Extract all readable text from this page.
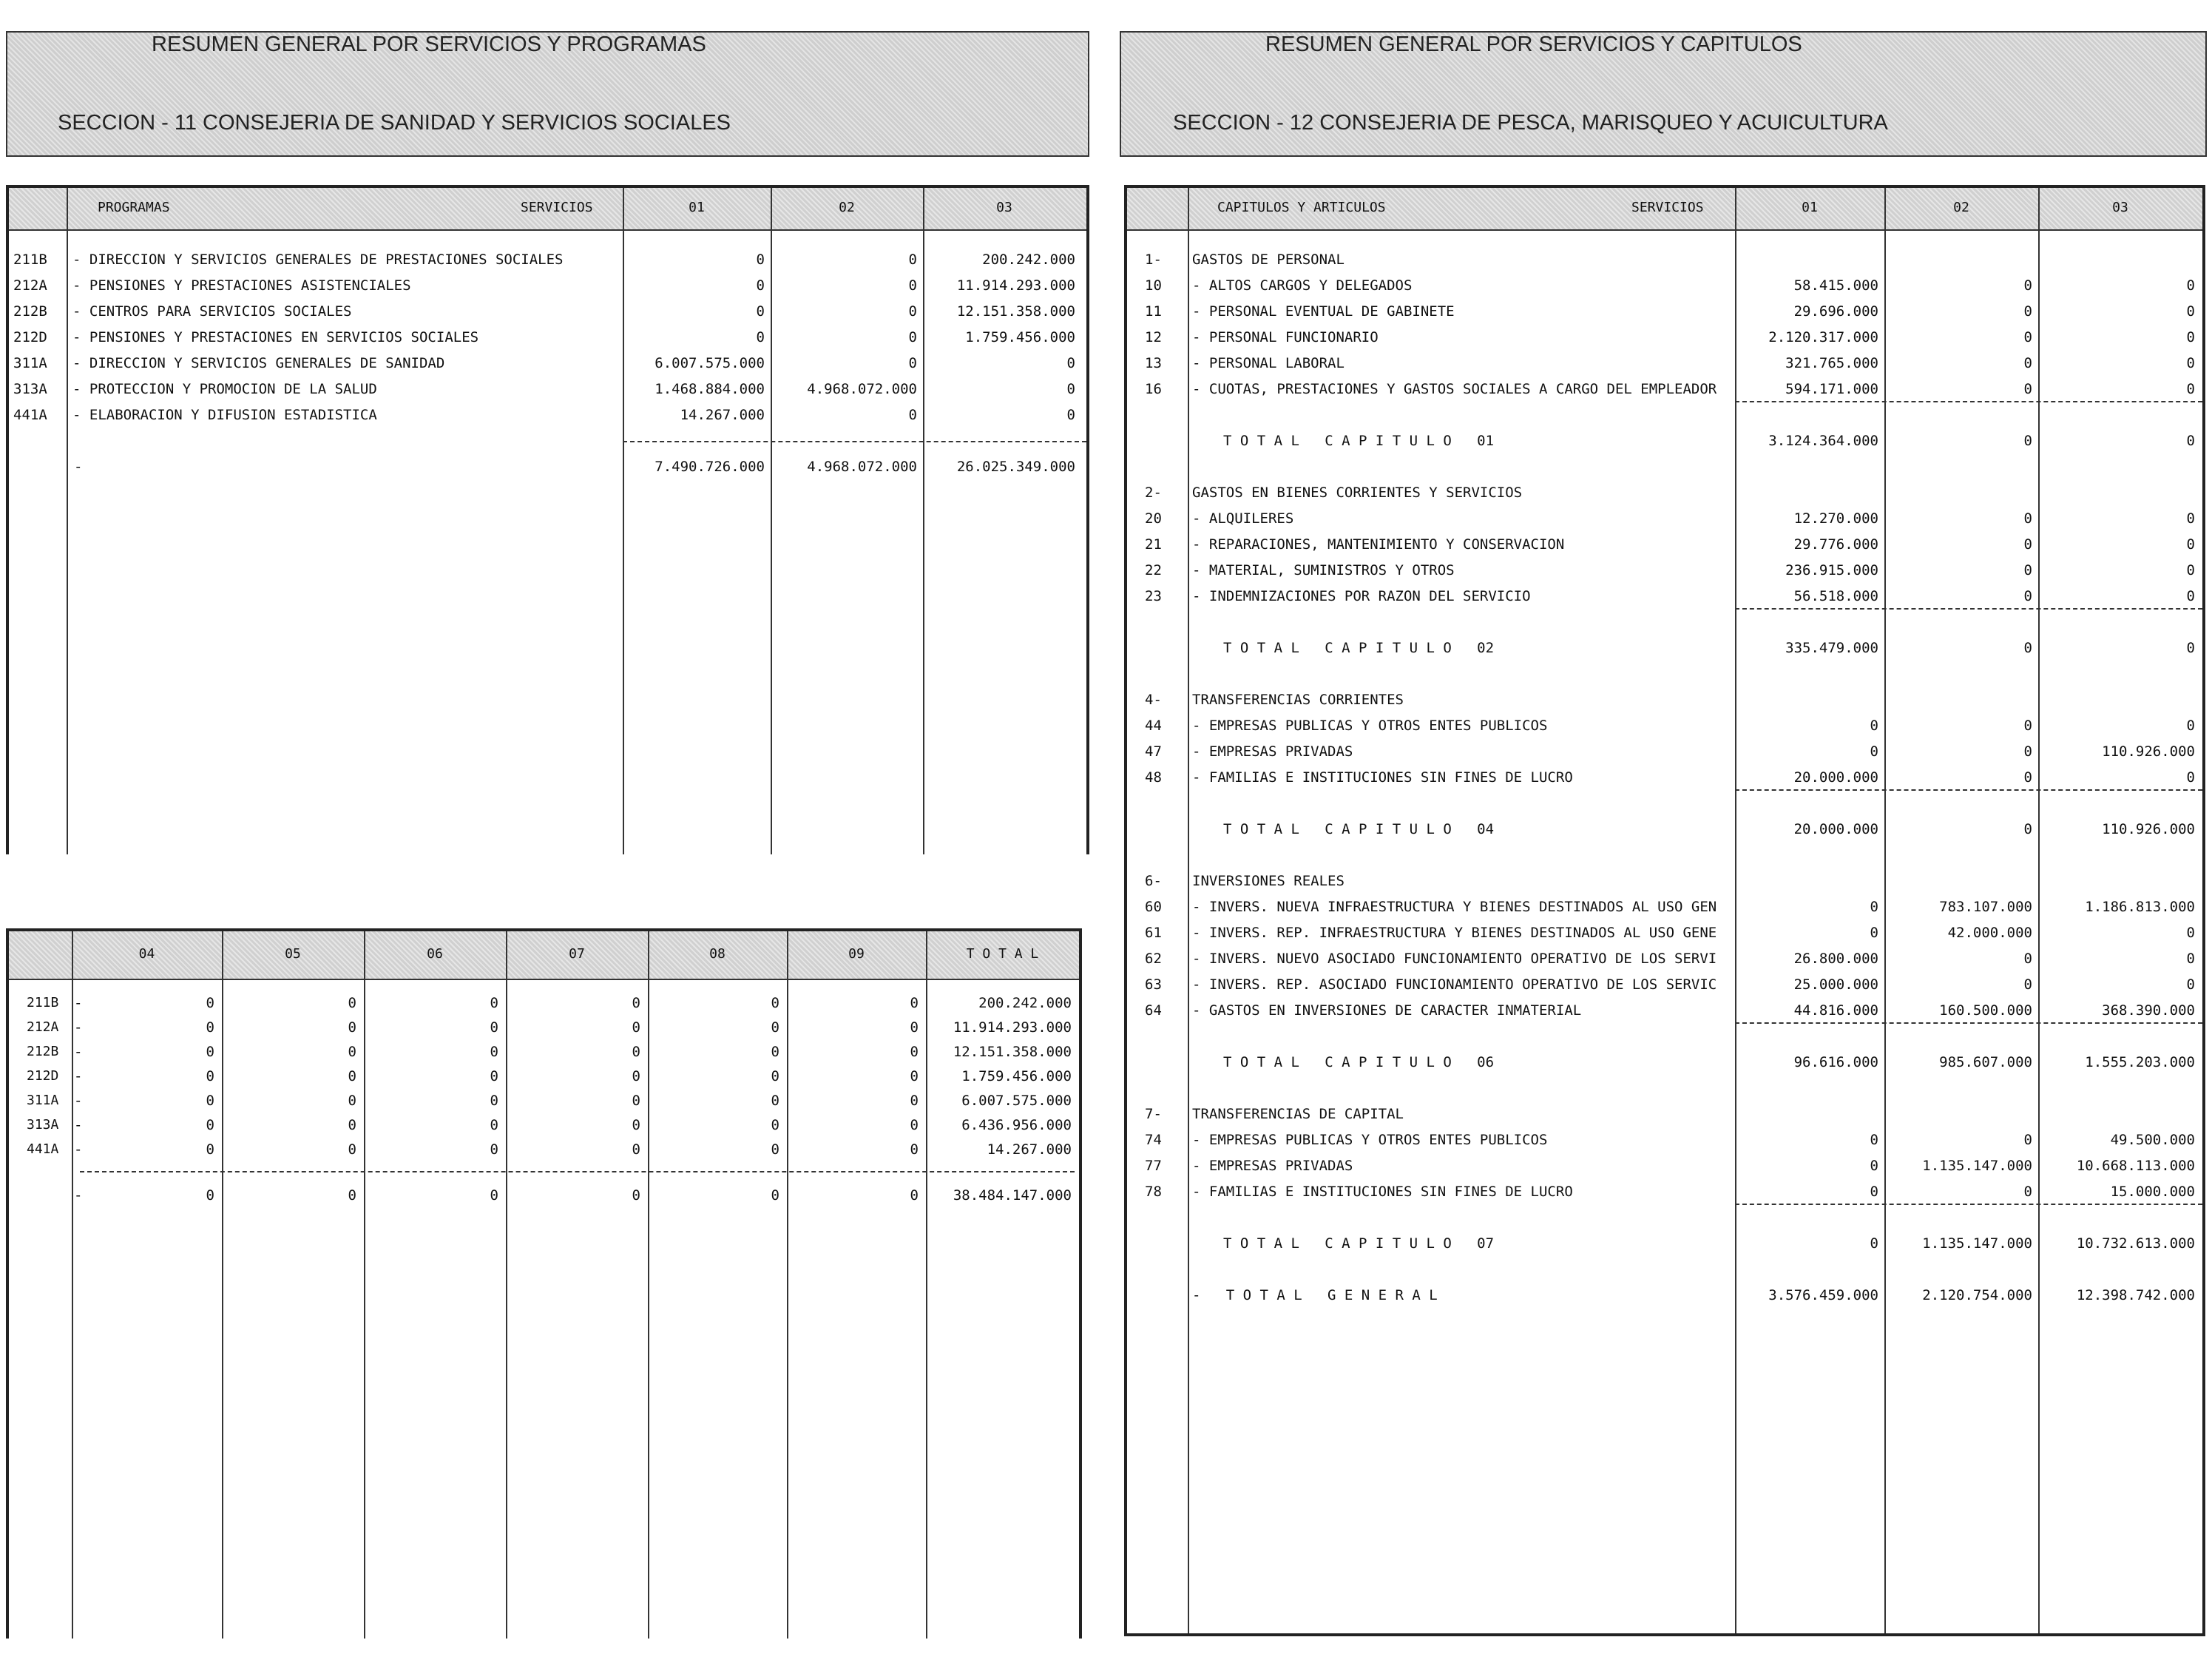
RESUMEN GENERAL POR SERVICIOS Y PROGRAMAS
SECCION - 11 CONSEJERIA DE SANIDAD Y SERVICIOS SOCIALES
RESUMEN GENERAL POR SERVICIOS Y CAPITULOS
SECCION - 12 CONSEJERIA DE PESCA, MARISQUEO Y ACUICULTURA
PROGRAMAS	SERVICIOS	01	02	03
211B - DIRECCION Y SERVICIOS GENERALES DE PRESTACIONES SOCIALES	0	0	200.242.000
212A - PENSIONES Y PRESTACIONES ASISTENCIALES	0	0	11.914.293.000
212B - CENTROS PARA SERVICIOS SOCIALES	0	0	12.151.358.000
212D - PENSIONES Y PRESTACIONES EN SERVICIOS SOCIALES	0	0	1.759.456.000
311A - DIRECCION Y SERVICIOS GENERALES DE SANIDAD	6.007.575.000	0	0
313A - PROTECCION Y PROMOCION DE LA SALUD	1.468.884.000	4.968.072.000	0
441A - ELABORACION Y DIFUSION ESTADISTICA	14.267.000	0	0
-	7.490.726.000	4.968.072.000	26.025.349.000
04	05	06	07	08	09	T O T A L
211B -	0	0	0	0	0	0	200.242.000
212A -	0	0	0	0	0	0	11.914.293.000
212B -	0	0	0	0	0	0	12.151.358.000
212D -	0	0	0	0	0	0	1.759.456.000
311A -	0	0	0	0	0	0	6.007.575.000
313A -	0	0	0	0	0	0	6.436.956.000
441A -	0	0	0	0	0	0	14.267.000
-	0	0	0	0	0	0	38.484.147.000
CAPITULOS Y ARTICULOS	SERVICIOS	01	02	03
1- GASTOS DE PERSONAL
10 - ALTOS CARGOS Y DELEGADOS	58.415.000	0	0
11 - PERSONAL EVENTUAL DE GABINETE	29.696.000	0	0
12 - PERSONAL FUNCIONARIO	2.120.317.000	0	0
13 - PERSONAL LABORAL	321.765.000	0	0
16 - CUOTAS, PRESTACIONES Y GASTOS SOCIALES A CARGO DEL EMPLEADOR	594.171.000	0	0
T O T A L   C A P I T U L O   01	3.124.364.000	0	0
2- GASTOS EN BIENES CORRIENTES Y SERVICIOS
20 - ALQUILERES	12.270.000	0	0
21 - REPARACIONES, MANTENIMIENTO Y CONSERVACION	29.776.000	0	0
22 - MATERIAL, SUMINISTROS Y OTROS	236.915.000	0	0
23 - INDEMNIZACIONES POR RAZON DEL SERVICIO	56.518.000	0	0
T O T A L   C A P I T U L O   02	335.479.000	0	0
4- TRANSFERENCIAS CORRIENTES
44 - EMPRESAS PUBLICAS Y OTROS ENTES PUBLICOS	0	0	0
47 - EMPRESAS PRIVADAS	0	0	110.926.000
48 - FAMILIAS E INSTITUCIONES SIN FINES DE LUCRO	20.000.000	0	0
T O T A L   C A P I T U L O   04	20.000.000	0	110.926.000
6- INVERSIONES REALES
60 - INVERS. NUEVA INFRAESTRUCTURA Y BIENES DESTINADOS AL USO GEN	0	783.107.000	1.186.813.000
61 - INVERS. REP. INFRAESTRUCTURA Y BIENES DESTINADOS AL USO GENE	0	42.000.000	0
62 - INVERS. NUEVO ASOCIADO FUNCIONAMIENTO OPERATIVO DE LOS SERVI	26.800.000	0	0
63 - INVERS. REP. ASOCIADO FUNCIONAMIENTO OPERATIVO DE LOS SERVIC	25.000.000	0	0
64 - GASTOS EN INVERSIONES DE CARACTER INMATERIAL	44.816.000	160.500.000	368.390.000
T O T A L   C A P I T U L O   06	96.616.000	985.607.000	1.555.203.000
7- TRANSFERENCIAS DE CAPITAL
74 - EMPRESAS PUBLICAS Y OTROS ENTES PUBLICOS	0	0	49.500.000
77 - EMPRESAS PRIVADAS	0	1.135.147.000	10.668.113.000
78 - FAMILIAS E INSTITUCIONES SIN FINES DE LUCRO	0	0	15.000.000
T O T A L   C A P I T U L O   07	0	1.135.147.000	10.732.613.000
-   T O T A L   G E N E R A L	3.576.459.000	2.120.754.000	12.398.742.000
